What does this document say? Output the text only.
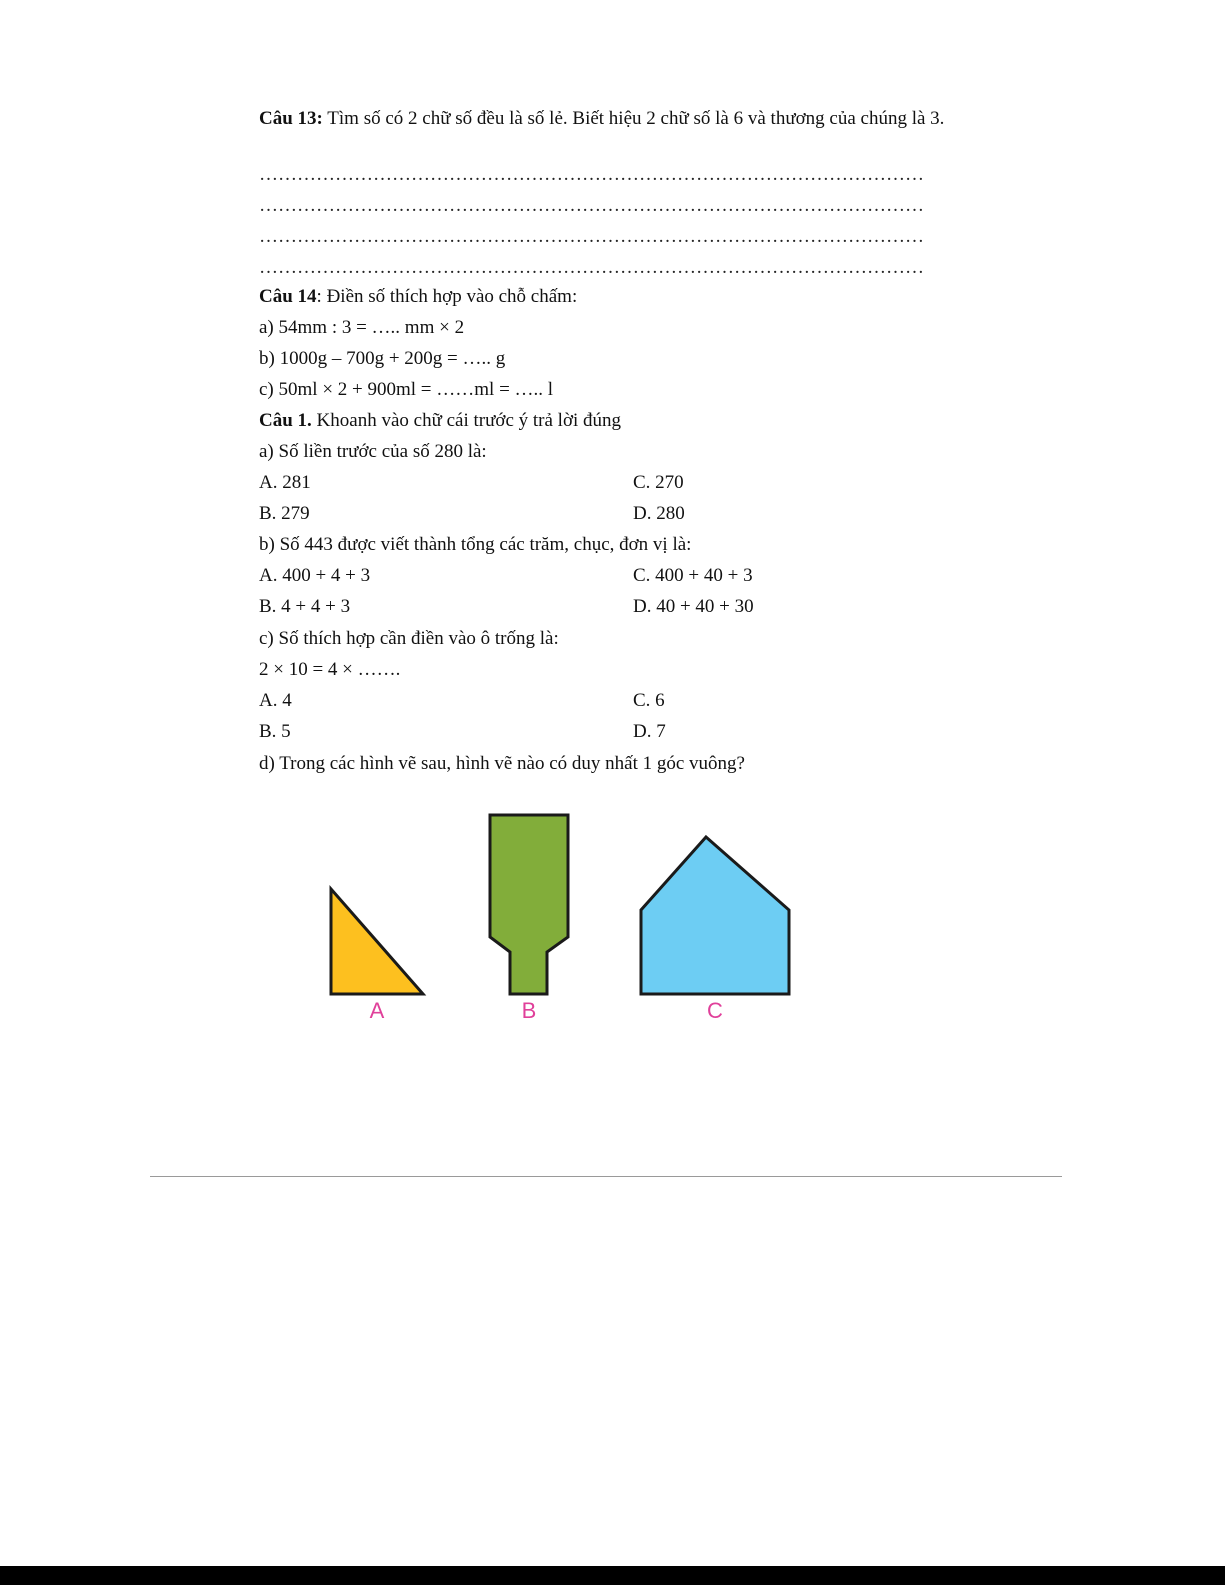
Câu 13: Tìm số có 2 chữ số đều là số lẻ. Biết hiệu 2 chữ số là 6 và thương của chúng là 3.
……………………………………………………………………………………………
……………………………………………………………………………………………
……………………………………………………………………………………………
……………………………………………………………………………………………
Câu 14: Điền số thích hợp vào chỗ chấm:
a) 54mm : 3 = ….. mm × 2
b) 1000g – 700g + 200g = ….. g
c) 50ml × 2 + 900ml = ……ml = ….. l
Câu 1. Khoanh vào chữ cái trước ý trả lời đúng
a) Số liền trước của số 280 là:
A. 281	C. 270
B. 279	D. 280
b) Số 443 được viết thành tổng các trăm, chục, đơn vị là:
A. 400 + 4 + 3	C. 400 + 40 + 3
B. 4 + 4 + 3	D. 40 + 40 + 30
c) Số thích hợp cần điền vào ô trống là:
2 × 10 = 4 × …….
A. 4	C. 6
B. 5	D. 7
d) Trong các hình vẽ sau, hình vẽ nào có duy nhất 1 góc vuông?
A	B	C
